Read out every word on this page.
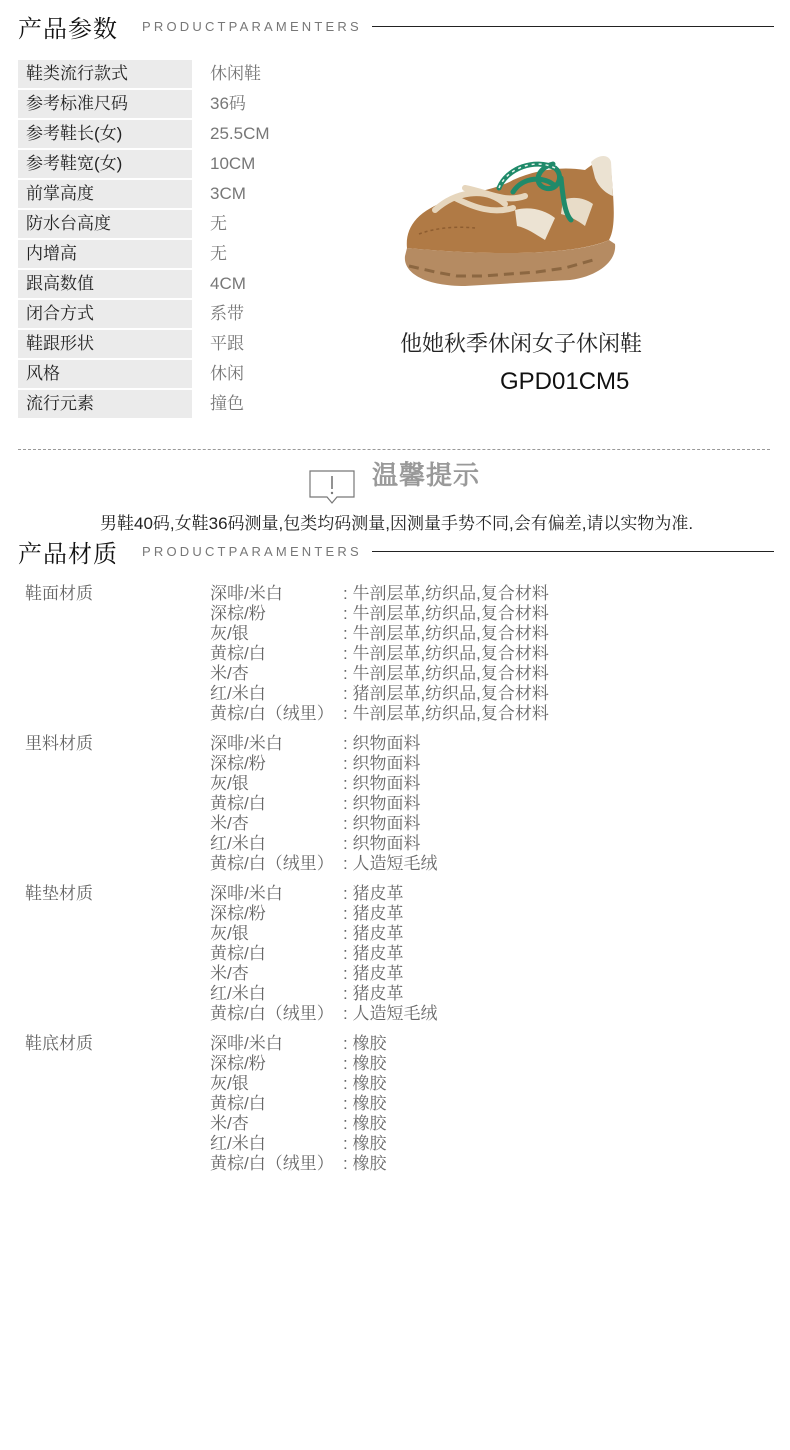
产品参数 PRODUCTPARAMENTERS
鞋类流行款式	休闲鞋
参考标准尺码	36码
参考鞋长(女)	25.5CM
参考鞋宽(女)	10CM
前掌高度	3CM
防水台高度	无
内增高	无
跟高数值	4CM
闭合方式	系带
鞋跟形状	平跟
风格	休闲
流行元素	撞色
他她秋季休闲女子休闲鞋
GPD01CM5
温馨提示
男鞋40码,女鞋36码测量,包类均码测量,因测量手势不同,会有偏差,请以实物为准.
产品材质 PRODUCTPARAMENTERS
鞋面材质	深啡/米白	: 牛剖层革,纺织品,复合材料
深棕/粉	: 牛剖层革,纺织品,复合材料
灰/银	: 牛剖层革,纺织品,复合材料
黄棕/白	: 牛剖层革,纺织品,复合材料
米/杏	: 牛剖层革,纺织品,复合材料
红/米白	: 猪剖层革,纺织品,复合材料
黄棕/白（绒里） : 牛剖层革,纺织品,复合材料
里料材质	深啡/米白	: 织物面料
深棕/粉	: 织物面料
灰/银	: 织物面料
黄棕/白	: 织物面料
米/杏	: 织物面料
红/米白	: 织物面料
黄棕/白（绒里） : 人造短毛绒
鞋垫材质	深啡/米白	: 猪皮革
深棕/粉	: 猪皮革
灰/银	: 猪皮革
黄棕/白	: 猪皮革
米/杏	: 猪皮革
红/米白	: 猪皮革
黄棕/白（绒里） : 人造短毛绒
鞋底材质	深啡/米白	: 橡胶
深棕/粉	: 橡胶
灰/银	: 橡胶
黄棕/白	: 橡胶
米/杏	: 橡胶
红/米白	: 橡胶
黄棕/白（绒里） : 橡胶
